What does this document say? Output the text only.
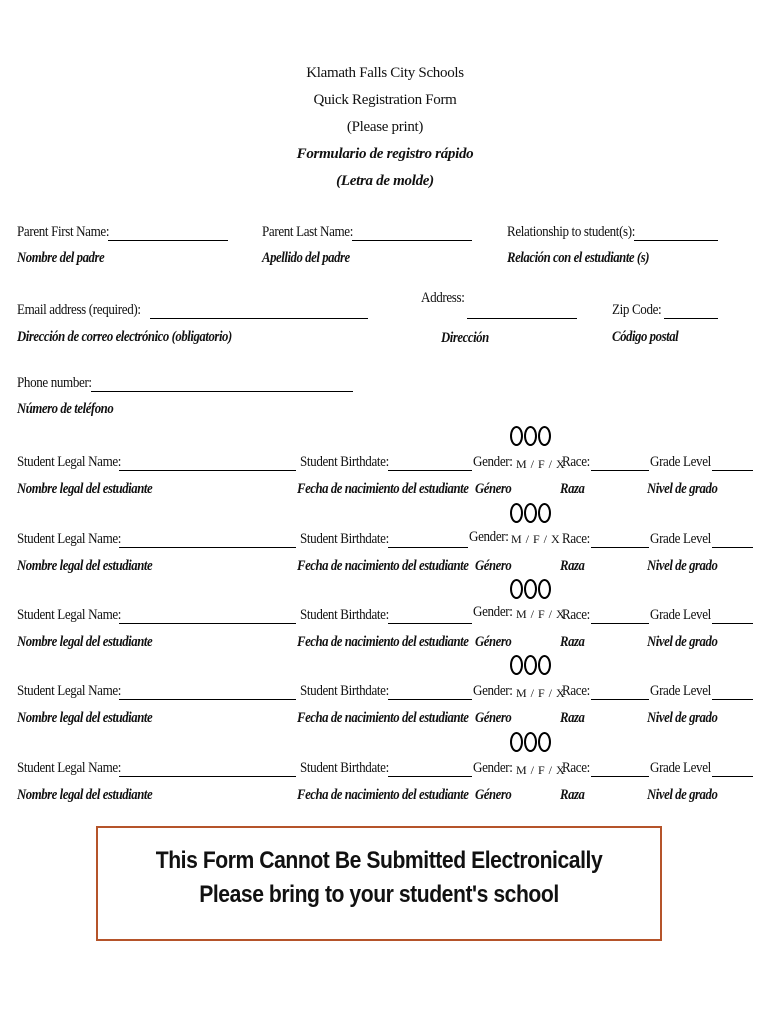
Klamath Falls City Schools
Quick Registration Form
(Please print)
Formulario de registro rápido
(Letra de molde)
Parent First Name:
Nombre del padre
Parent Last Name:
Apellido del padre
Relationship to student(s):
Relación con el estudiante (s)
Email address (required):
Dirección de correo electrónico (obligatorio)
Address:
Dirección
Zip Code:
Código postal
Phone number:
Número de teléfono
Student Legal Name:
Nombre legal del estudiante
Student Birthdate:
Fecha de nacimiento del estudiante
Gender: M / F / X
Género
Race:
Raza
Grade Level
Nivel de grado
Student Legal Name:
Nombre legal del estudiante
Student Birthdate:
Fecha de nacimiento del estudiante
Gender: M / F / X
Género
Race:
Raza
Grade Level
Nivel de grado
Student Legal Name:
Nombre legal del estudiante
Student Birthdate:
Fecha de nacimiento del estudiante
Gender: M / F / X
Género
Race:
Raza
Grade Level
Nivel de grado
Student Legal Name:
Nombre legal del estudiante
Student Birthdate:
Fecha de nacimiento del estudiante
Gender: M / F / X
Género
Race:
Raza
Grade Level
Nivel de grado
Student Legal Name:
Nombre legal del estudiante
Student Birthdate:
Fecha de nacimiento del estudiante
Gender: M / F / X
Género
Race:
Raza
Grade Level
Nivel de grado
This Form Cannot Be Submitted Electronically
Please bring to your student's school
